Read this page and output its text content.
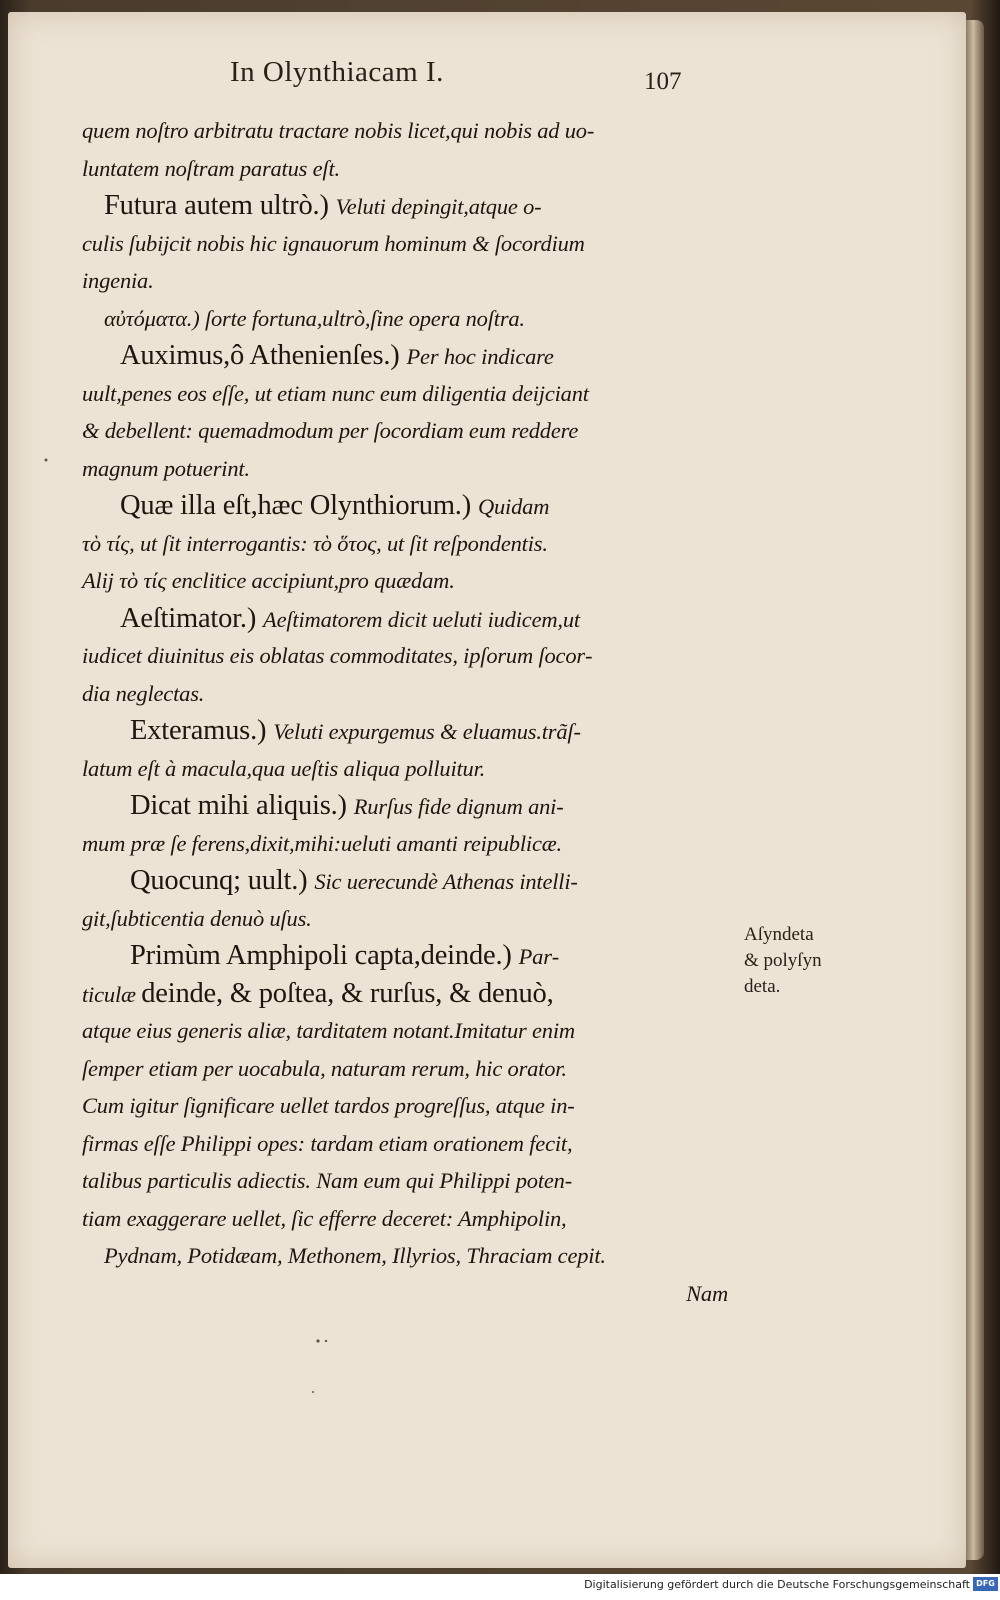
In Olynthiacam I.	107
quem noſtro arbitratu tractare nobis licet,qui nobis ad uo‑
luntatem noſtram paratus eſt.
Futura autem ultrò.) Veluti depingit,atque o‑
culis ſubijcit nobis hic ignauorum hominum & ſocordium
ingenia.
αὐτόματα.) ſorte fortuna,ultrò,ſine opera noſtra.
Auximus,ô Athenienſes.) Per hoc indicare
uult,penes eos eſſe, ut etiam nunc eum diligentia deijciant
& debellent: quemadmodum per ſocordiam eum reddere
magnum potuerint.
Quæ illa eſt,hæc Olynthiorum.) Quidam
τὸ τίς, ut ſit interrogantis: τὸ ὅτος, ut ſit reſpondentis.
Alij τὸ τίς enclitice accipiunt,pro quædam.
Aeſtimator.) Aeſtimatorem dicit ueluti iudicem,ut
iudicet diuinitus eis oblatas commoditates, ipſorum ſocor‑
dia neglectas.
Exteramus.) Veluti expurgemus & eluamus.trãſ‑
latum eſt à macula,qua ueſtis aliqua polluitur.
Dicat mihi aliquis.) Rurſus fide dignum ani‑
mum præ ſe ferens,dixit,mihi:ueluti amanti reipublicæ.
Quocunq; uult.) Sic uerecundè Athenas intelli‑
git,ſubticentia denuò uſus.
Primùm Amphipoli capta,deinde.) Par‑
ticulæ deinde, & poſtea, & rurſus, & denuò,
atque eius generis aliæ, tarditatem notant.Imitatur enim
ſemper etiam per uocabula, naturam rerum, hic orator.
Cum igitur ſignificare uellet tardos progreſſus, atque in‑
firmas eſſe Philippi opes: tardam etiam orationem fecit,
talibus particulis adiectis. Nam eum qui Philippi poten‑
tiam exaggerare uellet, ſic efferre deceret: Amphipolin,
Pydnam, Potidæam, Methonem, Illyrios, Thraciam cepit.
Nam
Aſyndeta
& polyſyn
deta.
Digitalisierung gefördert durch die Deutsche Forschungsgemeinschaft DFG
